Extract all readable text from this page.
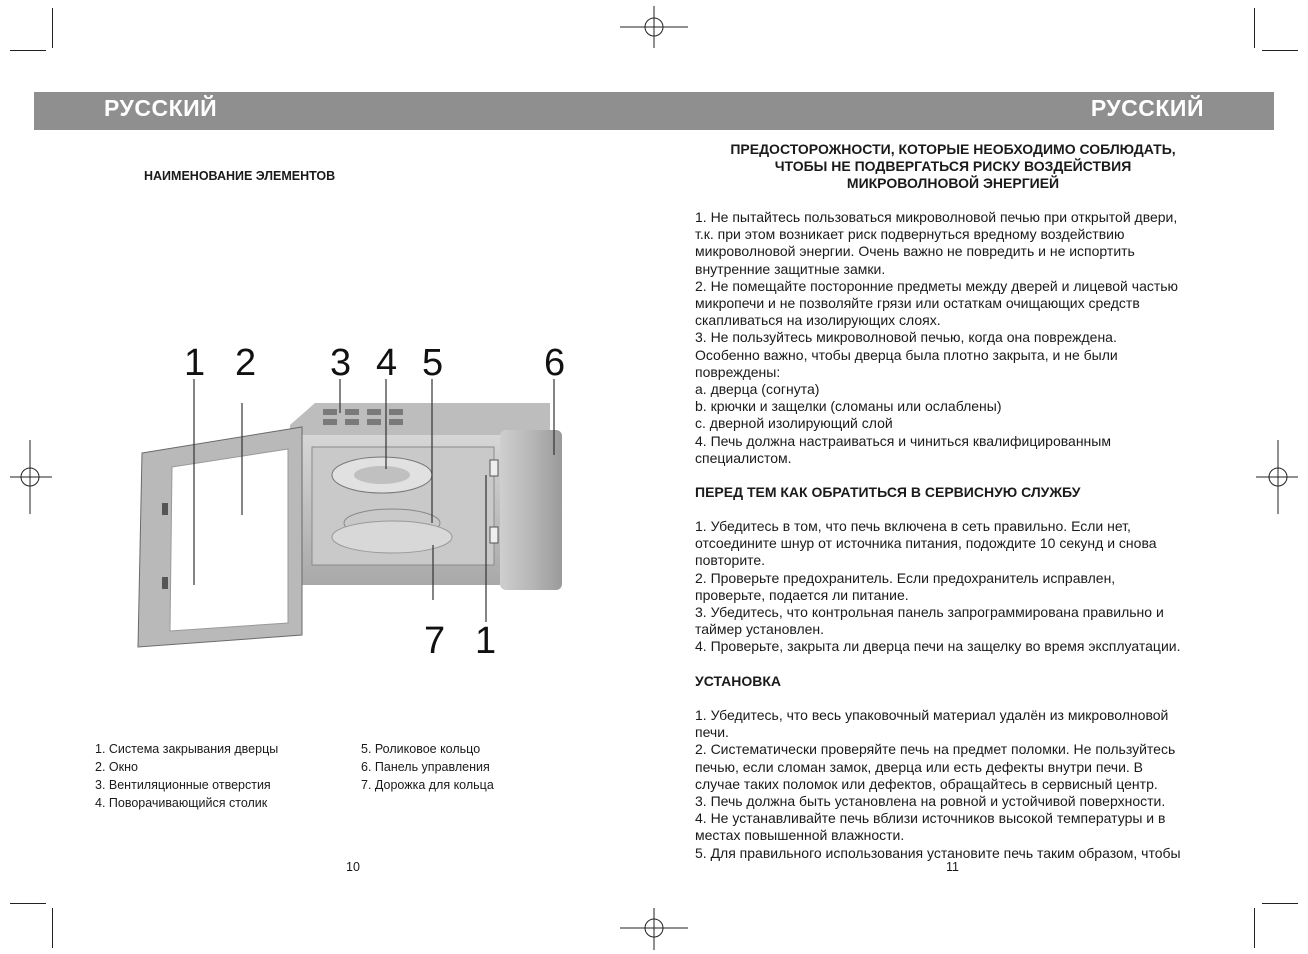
РУССКИЙ	РУССКИЙ
НАИМЕНОВАНИЕ ЭЛЕМЕНТОВ
1 2 3 4 5	6
7 1
1. Система закрывания дверцы
2. Окно
3. Вентиляционные отверстия
4. Поворачивающийся столик
5. Роликовое кольцо
6. Панель управления
7. Дорожка для кольца
10
ПРЕДОСТОРОЖНОСТИ, КОТОРЫЕ НЕОБХОДИМО СОБЛЮДАТЬ,
ЧТОБЫ НЕ ПОДВЕРГАТЬСЯ РИСКУ ВОЗДЕЙСТВИЯ
МИКРОВОЛНОВОЙ ЭНЕРГИЕЙ
1. Не пытайтесь пользоваться микроволновой печью при открытой двери,
т.к. при этом возникает риск подвернуться вредному воздействию
микроволновой энергии. Очень важно не повредить и не испортить
внутренние защитные замки.
2. Не помещайте посторонние предметы между дверей и лицевой частью
микропечи и не позволяйте грязи или остаткам очищающих средств
скапливаться на изолирующих слоях.
3. Не пользуйтесь микроволновой печью, когда она повреждена.
Особенно важно, чтобы дверца была плотно закрыта, и не были
повреждены:
a. дверца (согнута)
b. крючки и защелки (сломаны или ослаблены)
c. дверной изолирующий слой
4. Печь должна настраиваться и чиниться квалифицированным
специалистом.
ПЕРЕД ТЕМ КАК ОБРАТИТЬСЯ В СЕРВИСНУЮ СЛУЖБУ
1. Убедитесь в том, что печь включена в сеть правильно. Если нет,
отсоедините шнур от источника питания, подождите 10 секунд и снова
повторите.
2. Проверьте предохранитель. Если предохранитель исправлен,
проверьте, подается ли питание.
3. Убедитесь, что контрольная панель запрограммирована правильно и
таймер установлен.
4. Проверьте, закрыта ли дверца печи на защелку во время эксплуатации.
УСТАНОВКА
1. Убедитесь, что весь упаковочный материал удалён из микроволновой
печи.
2. Систематически проверяйте печь на предмет поломки. Не пользуйтесь
печью, если сломан замок, дверца или есть дефекты внутри печи. В
случае таких поломок или дефектов, обращайтесь в сервисный центр.
3. Печь должна быть установлена на ровной и устойчивой поверхности.
4. Не устанавливайте печь вблизи источников высокой температуры и в
местах повышенной влажности.
5. Для правильного использования установите печь таким образом, чтобы
11
